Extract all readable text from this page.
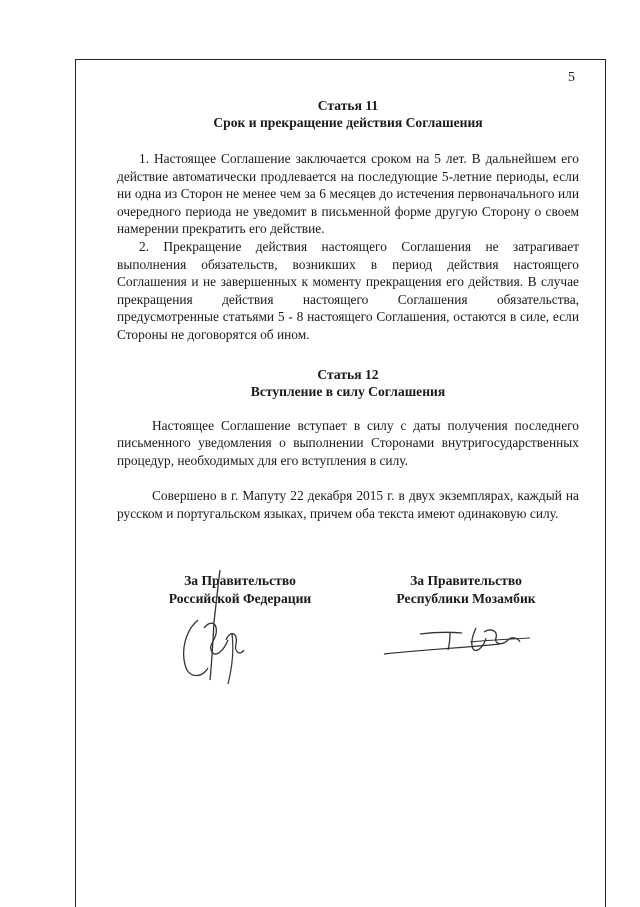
5

Статья 11

Срок и прекращение действия Соглашения

1. Настоящее Соглашение заключается сроком на 5 лет. В дальнейшем его действие автоматически продлевается на последующие 5-летние периоды, если ни одна из Сторон не менее чем за 6 месяцев до истечения первоначального или очередного периода не уведомит в письменной форме другую Сторону о своем намерении прекратить его действие.

2. Прекращение действия настоящего Соглашения не затрагивает выполнения обязательств, возникших в период действия настоящего Соглашения и не завершенных к моменту прекращения его действия. В случае прекращения действия настоящего Соглашения обязательства, предусмотренные статьями 5 - 8 настоящего Соглашения, остаются в силе, если Стороны не договорятся об ином.

Статья 12

Вступление в силу Соглашения

Настоящее Соглашение вступает в силу с даты получения последнего письменного уведомления о выполнении Сторонами внутригосударственных процедур, необходимых для его вступления в силу.

Совершено в г. Мапуту 22 декабря 2015 г. в двух экземплярах, каждый на русском и португальском языках, причем оба текста имеют одинаковую силу.

За Правительство
Российской Федерации
За Правительство
Республики Мозамбик
